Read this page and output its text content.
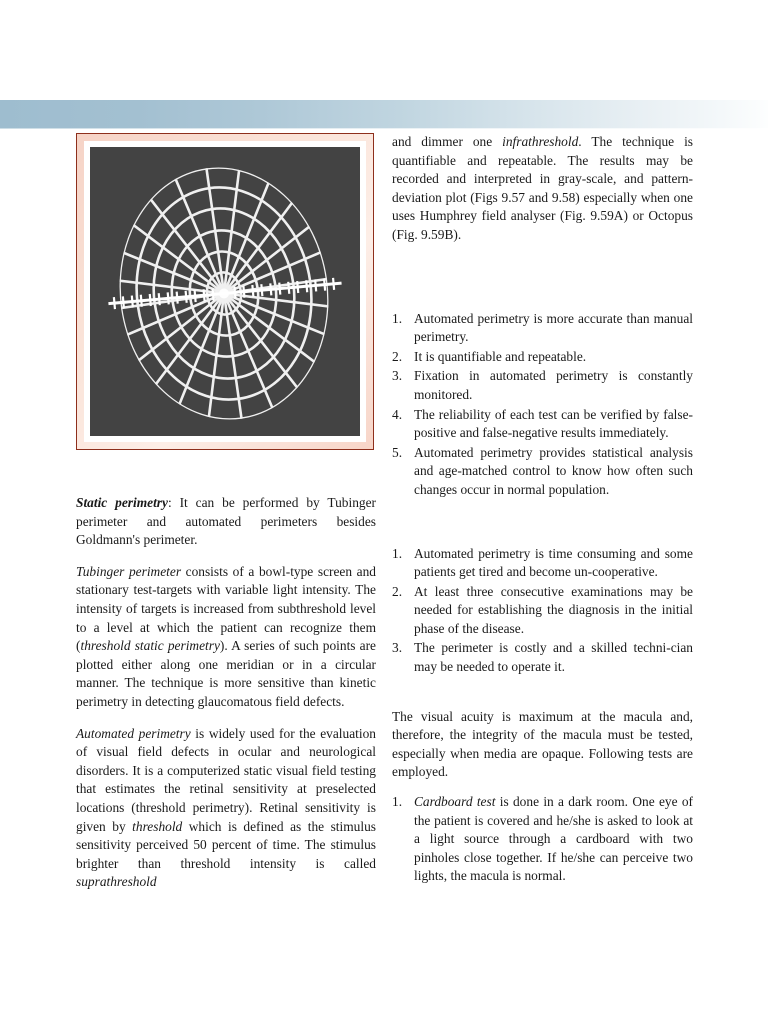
Static perimetry: It can be performed by Tubinger perimeter and automated perimeters besides Goldmann's perimeter.

Tubinger perimeter consists of a bowl-type screen and stationary test-targets with variable light intensity. The intensity of targets is increased from subthreshold level to a level at which the patient can recognize them (threshold static perimetry). A series of such points are plotted either along one meridian or in a circular manner. The technique is more sensitive than kinetic perimetry in detecting glaucomatous field defects.

Automated perimetry is widely used for the evaluation of visual field defects in ocular and neurological disorders. It is a computerized static visual field testing that estimates the retinal sensitivity at preselected locations (threshold perimetry). Retinal sensitivity is given by threshold which is defined as the stimulus sensitivity perceived 50 percent of time. The stimulus brighter than threshold intensity is called suprathreshold

and dimmer one infrathreshold. The technique is quantifiable and repeatable. The results may be recorded and interpreted in gray-scale, and pattern-deviation plot (Figs 9.57 and 9.58) especially when one uses Humphrey field analyser (Fig. 9.59A) or Octopus (Fig. 9.59B).

Automated perimetry is more accurate than manual perimetry.
It is quantifiable and repeatable.
Fixation in automated perimetry is constantly monitored.
The reliability of each test can be verified by false-positive and false-negative results immediately.
Automated perimetry provides statistical analysis and age-matched control to know how often such changes occur in normal population.
Automated perimetry is time consuming and some patients get tired and become un-cooperative.
At least three consecutive examinations may be needed for establishing the diagnosis in the initial phase of the disease.
The perimeter is costly and a skilled techni-cian may be needed to operate it.

The visual acuity is maximum at the macula and, therefore, the integrity of the macula must be tested, especially when media are opaque. Following tests are employed.

Cardboard test is done in a dark room. One eye of the patient is covered and he/she is asked to look at a light source through a cardboard with two pinholes close together. If he/she can perceive two lights, the macula is normal.
